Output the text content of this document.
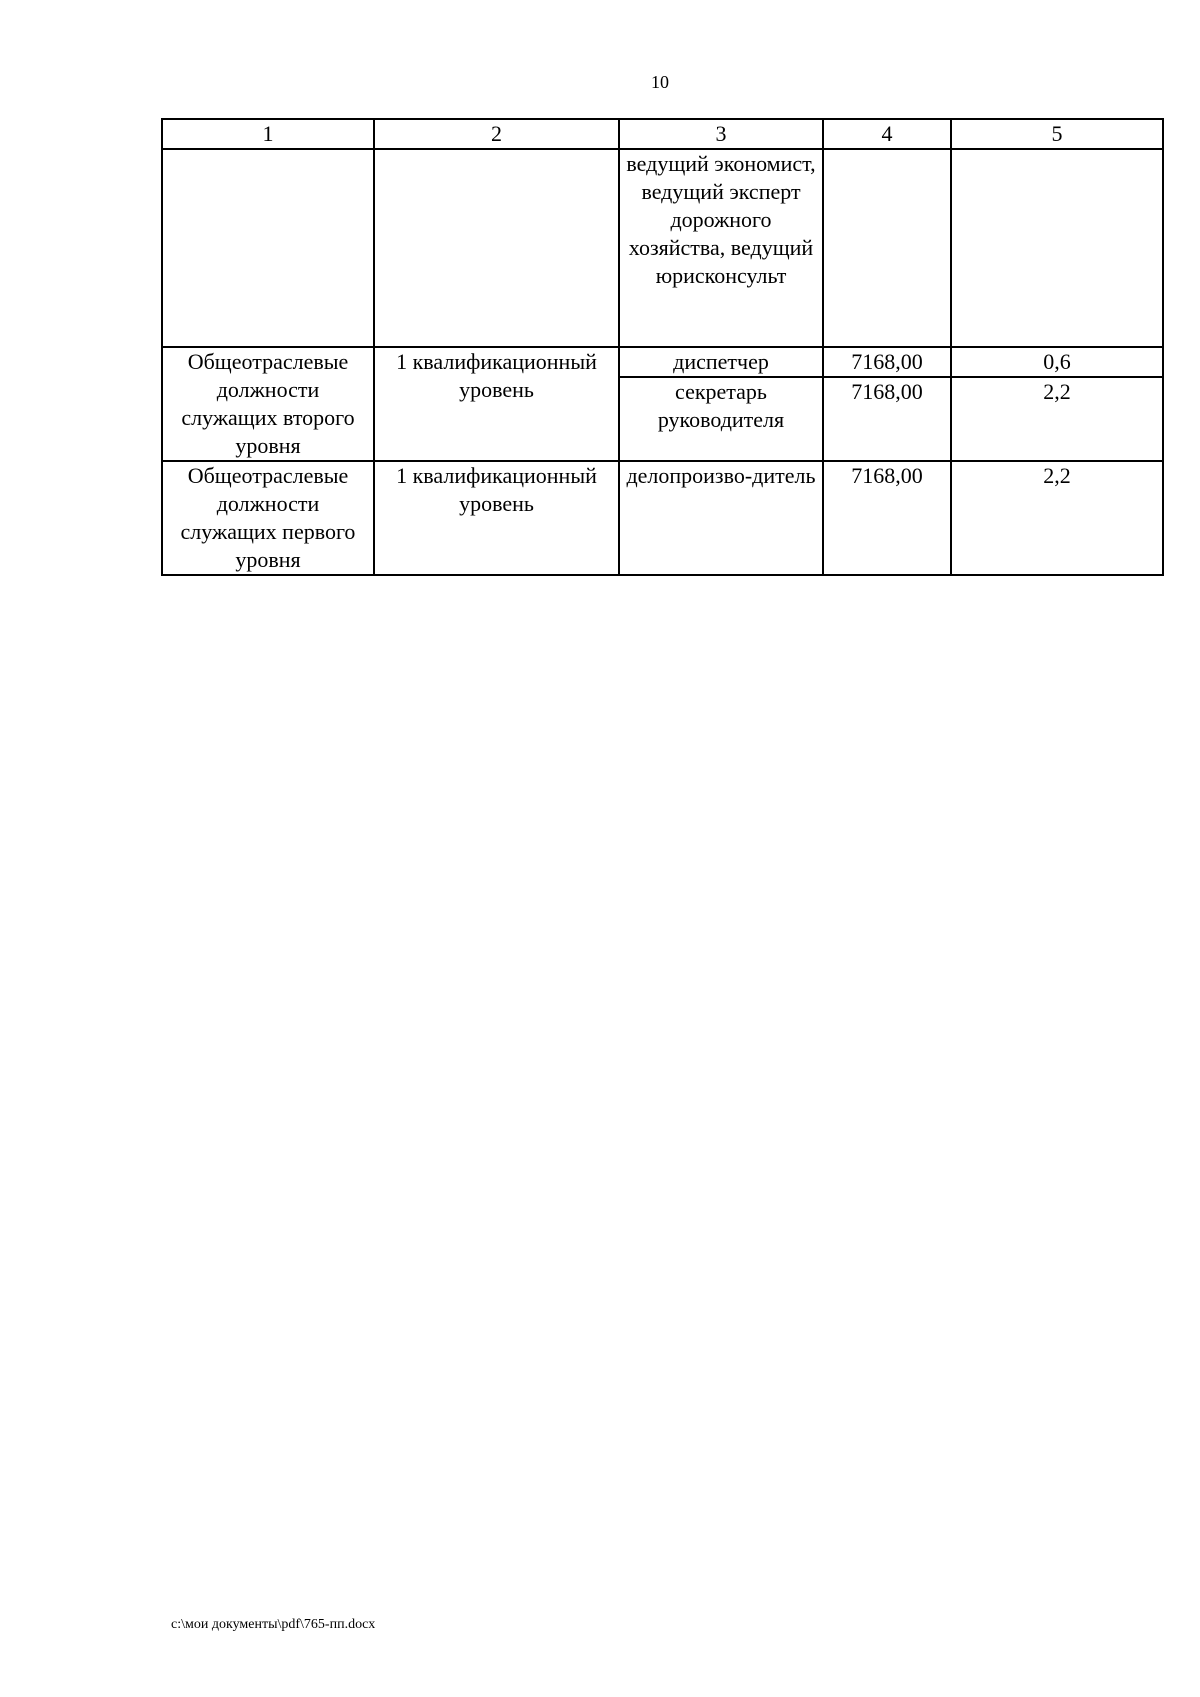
10
1	2	3	4	5
		ведущий экономист, ведущий эксперт дорожного хозяйства, ведущий юрисконсульт		
Общеотраслевые должности служащих второго уровня	1 квалификационный уровень	диспетчер	7168,00	0,6
		секретарь руководителя	7168,00	2,2
Общеотраслевые должности служащих первого уровня	1 квалификационный уровень	делопроизво-дитель	7168,00	2,2
c:\мои документы\pdf\765-пп.docx
